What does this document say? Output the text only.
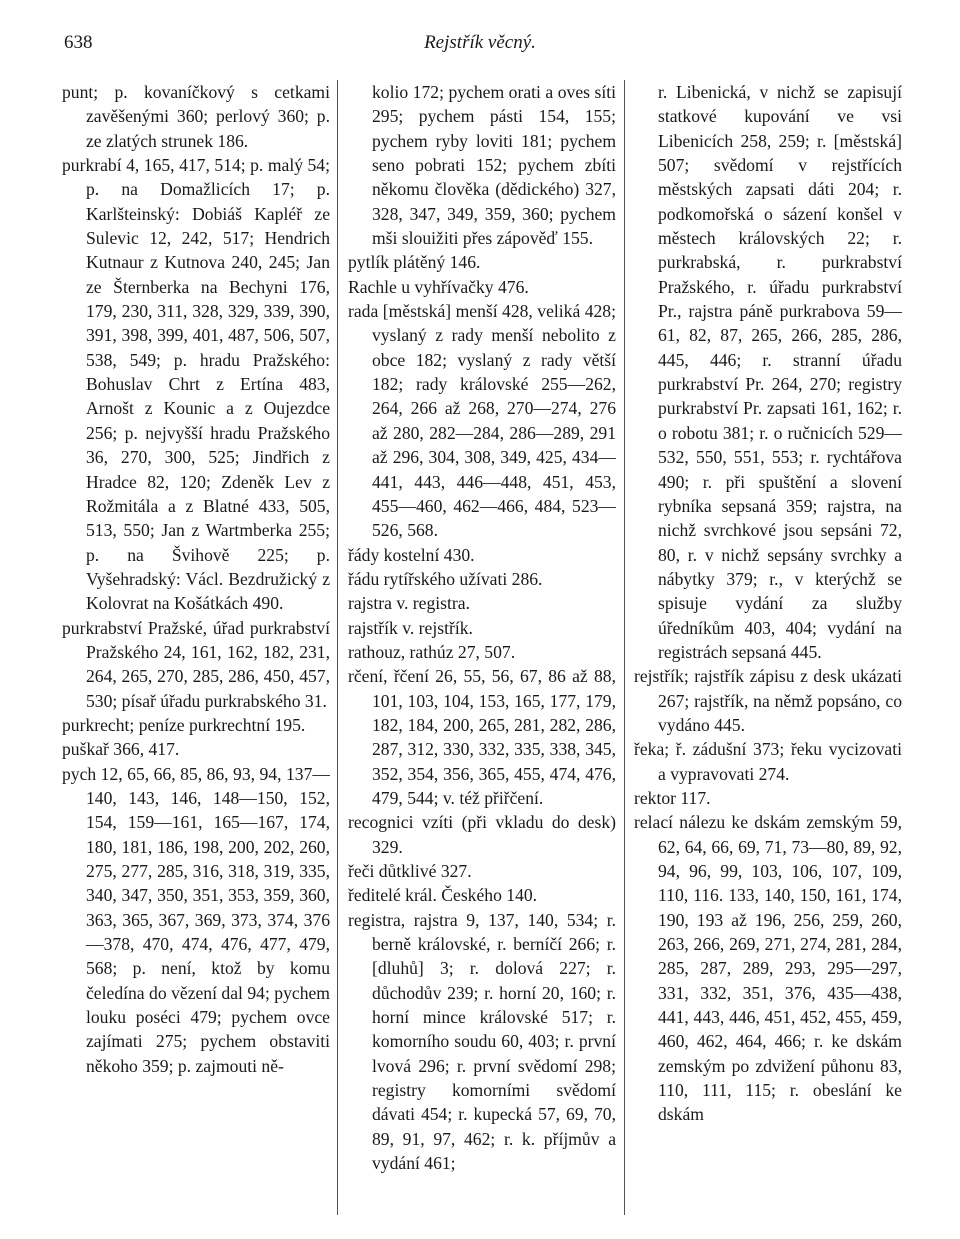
638	Rejstřík věcný.

punt; p. kovaníčkový s cetkami zavěšenými 360; perlový 360; p. ze zlatých strunek 186.

purkrabí 4, 165, 417, 514; p. malý 54; p. na Domažlicích 17; p. Karlšteinský: Dobiáš Kapléř ze Sulevic 12, 242, 517; Hendrich Kutnaur z Kutnova 240, 245; Jan ze Šternberka na Bechyni 176, 179, 230, 311, 328, 329, 339, 390, 391, 398, 399, 401, 487, 506, 507, 538, 549; p. hradu Pražského: Bohuslav Chrt z Ertína 483, Arnošt z Kounic a z Oujezdce 256; p. nejvyšší hradu Pražského 36, 270, 300, 525; Jindřich z Hradce 82, 120; Zdeněk Lev z Rožmitála a z Blatné 433, 505, 513, 550; Jan z Wartmberka 255; p. na Švihově 225; p. Vyšehradský: Václ. Bezdružický z Kolovrat na Košátkách 490.

purkrabství Pražské, úřad purkrabství Pražského 24, 161, 162, 182, 231, 264, 265, 270, 285, 286, 450, 457, 530; písař úřadu purkrabského 31.

purkrecht; peníze purkrechtní 195.

puškař 366, 417.

pych 12, 65, 66, 85, 86, 93, 94, 137—140, 143, 146, 148—150, 152, 154, 159—161, 165—167, 174, 180, 181, 186, 198, 200, 202, 260, 275, 277, 285, 316, 318, 319, 335, 340, 347, 350, 351, 353, 359, 360, 363, 365, 367, 369, 373, 374, 376—378, 470, 474, 476, 477, 479, 568; p. není, ktož by komu čeledína do vězení dal 94; pychem louku poséci 479; pychem ovce zajímati 275; pychem obstaviti někoho 359; p. zajmouti ně-

kolio 172; pychem orati a oves síti 295; pychem pásti 154, 155; pychem ryby loviti 181; pychem seno pobrati 152; pychem zbíti někomu člověka (dědického) 327, 328, 347, 349, 359, 360; pychem mši slouižiti přes zápověď 155.

pytlík plátěný 146.

Rachle u vyhřívačky 476.

rada [městská] menší 428, veliká 428; vyslaný z rady menší nebolito z obce 182; vyslaný z rady větší 182; rady královské 255—262, 264, 266 až 268, 270—274, 276 až 280, 282—284, 286—289, 291 až 296, 304, 308, 349, 425, 434—441, 443, 446—448, 451, 453, 455—460, 462—466, 484, 523—526, 568.

řády kostelní 430.

řádu rytířského užívati 286.

rajstra v. registra.

rajstřík v. rejstřík.

rathouz, rathúz 27, 507.

rčení, řčení 26, 55, 56, 67, 86 až 88, 101, 103, 104, 153, 165, 177, 179, 182, 184, 200, 265, 281, 282, 286, 287, 312, 330, 332, 335, 338, 345, 352, 354, 356, 365, 455, 474, 476, 479, 544; v. též přiřčení.

recognici vzíti (při vkladu do desk) 329.

řeči důtklivé 327.

ředitelé král. Českého 140.

registra, rajstra 9, 137, 140, 534; r. berně královské, r. berníčí 266; r. [dluhů] 3; r. dolová 227; r. důchodův 239; r. horní 20, 160; r. horní mince královské 517; r. komorního soudu 60, 403; r. první lvová 296; r. první svědomí 298; registry komorními svědomí dávati 454; r. kupecká 57, 69, 70, 89, 91, 97, 462; r. k. příjmův a vydání 461;

r. Libenická, v nichž se zapisují statkové kupování ve vsi Libenicích 258, 259; r. [městská] 507; svědomí v rejstřících městských zapsati dáti 204; r. podkomořská o sázení konšel v městech královských 22; r. purkrabská, r. purkrabství Pražského, r. úřadu purkrabství Pr., rajstra páně purkrabova 59—61, 82, 87, 265, 266, 285, 286, 445, 446; r. stranní úřadu purkrabství Pr. 264, 270; registry purkrabství Pr. zapsati 161, 162; r. o robotu 381; r. o ručnicích 529—532, 550, 551, 553; r. rychtářova 490; r. při spuštění a slovení rybníka sepsaná 359; rajstra, na nichž svrchkové jsou sepsáni 72, 80, r. v nichž sepsány svrchky a nábytky 379; r., v kterýchž se spisuje vydání za služby úředníkům 403, 404; vydání na registrách sepsaná 445.

rejstřík; rajstřík zápisu z desk ukázati 267; rajstřík, na němž popsáno, co vydáno 445.

řeka; ř. zádušní 373; řeku vycizovati a vypravovati 274.

rektor 117.

relací nálezu ke dskám zemským 59, 62, 64, 66, 69, 71, 73—80, 89, 92, 94, 96, 99, 103, 106, 107, 109, 110, 116. 133, 140, 150, 161, 174, 190, 193 až 196, 256, 259, 260, 263, 266, 269, 271, 274, 281, 284, 285, 287, 289, 293, 295—297, 331, 332, 351, 376, 435—438, 441, 443, 446, 451, 452, 455, 459, 460, 462, 464, 466; r. ke dskám zemským po zdvižení půhonu 83, 110, 111, 115; r. obeslání ke dskám
